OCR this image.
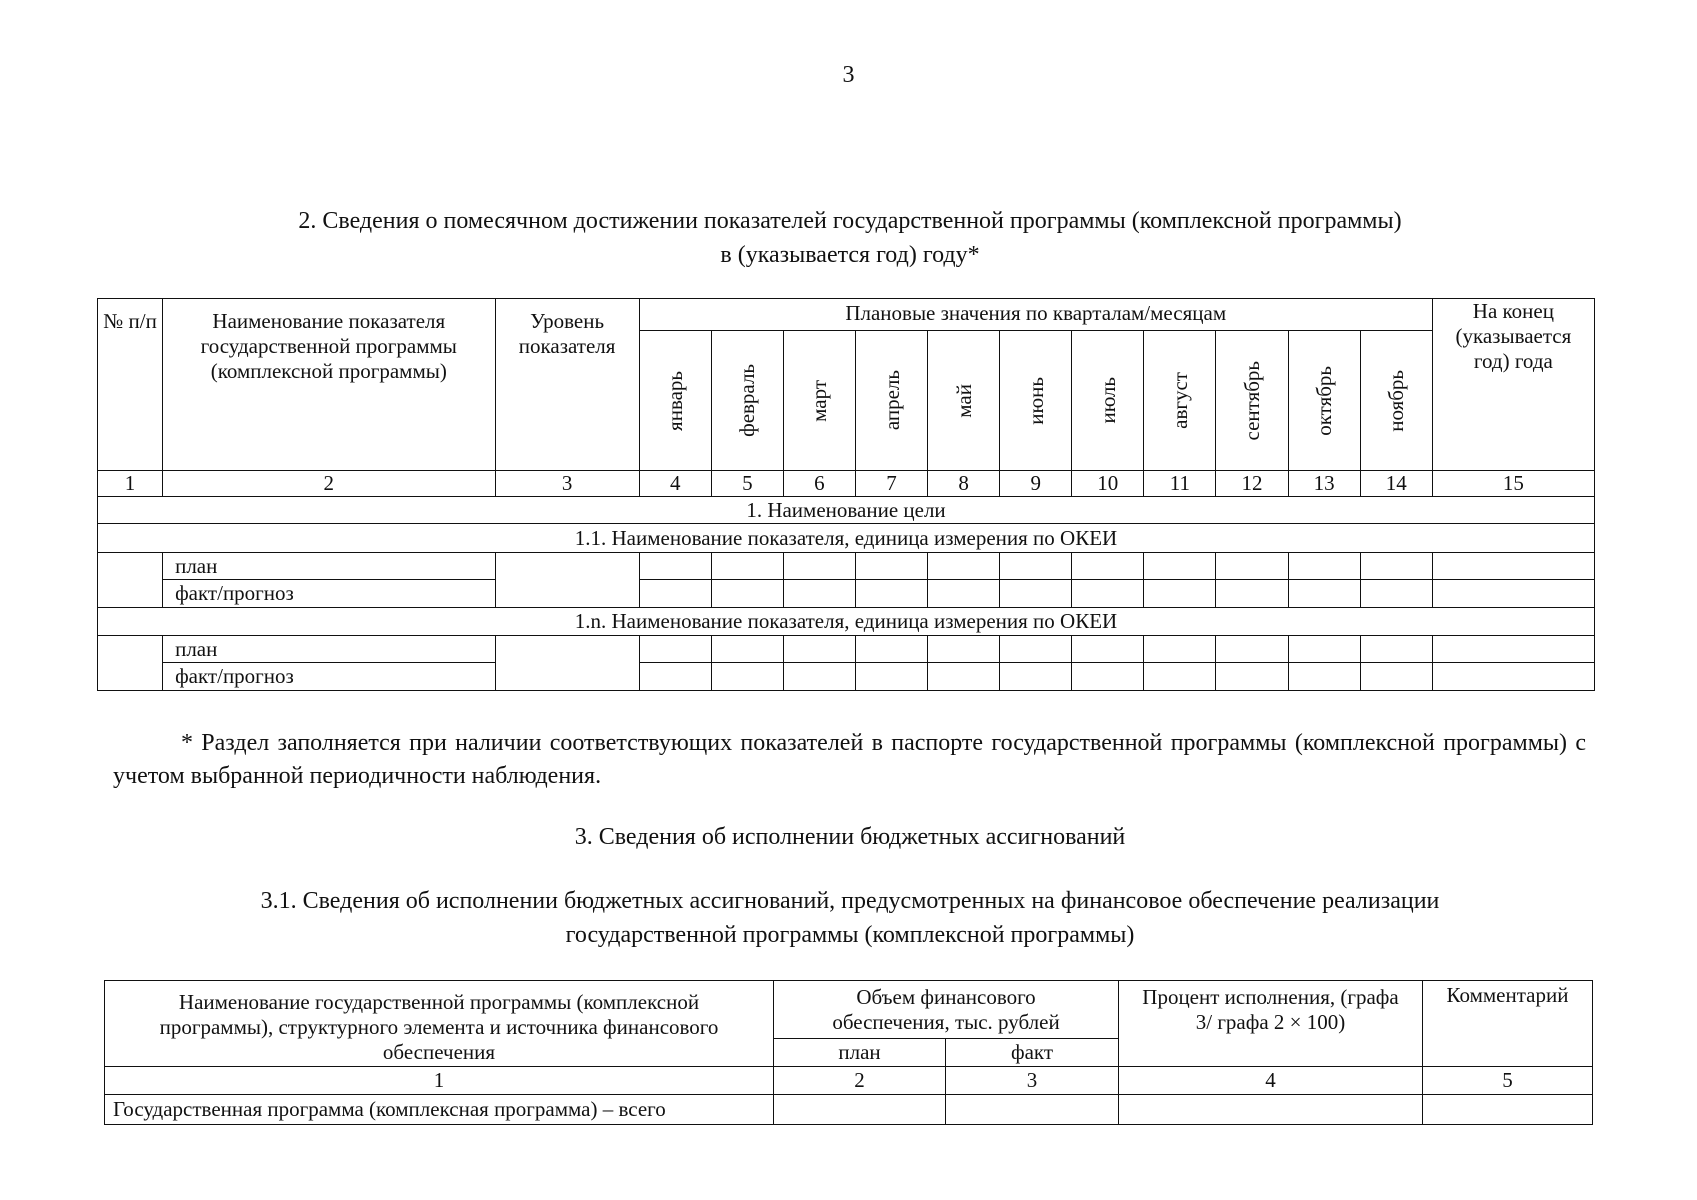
3
2. Сведения о помесячном достижении показателей государственной программы (комплексной программы)
в (указывается год) году*
№ п/п	Наименование показателя государственной программы (комплексной программы)	Уровень показателя	Плановые значения по кварталам/месяцам											На конец (указывается год) года

			январь	февраль	март	апрель	май	июнь	июль	август	сентябрь	октябрь	ноябрь	

1	2	3	4	5	6	7	8	9	10	11	12	13	14	15
1. Наименование цели														
1.1. Наименование показателя, единица измерения по ОКЕИ														
	план													
	факт/прогноз													
1.n. Наименование показателя, единица измерения по ОКЕИ														
	план													
	факт/прогноз													
* Раздел заполняется при наличии соответствующих показателей в паспорте государственной программы (комплексной программы) с учетом выбранной периодичности наблюдения.
3. Сведения об исполнении бюджетных ассигнований
3.1. Сведения об исполнении бюджетных ассигнований, предусмотренных на финансовое обеспечение реализации
государственной программы (комплексной программы)
Наименование государственной программы (комплексной программы), структурного элемента и источника финансового обеспечения	Объем финансового обеспечения, тыс. рублей		Процент исполнения, (графа 3/ графа 2 × 100)	Комментарий
	план	факт		
1	2	3	4	5
Государственная программа (комплексная программа) – всего				
